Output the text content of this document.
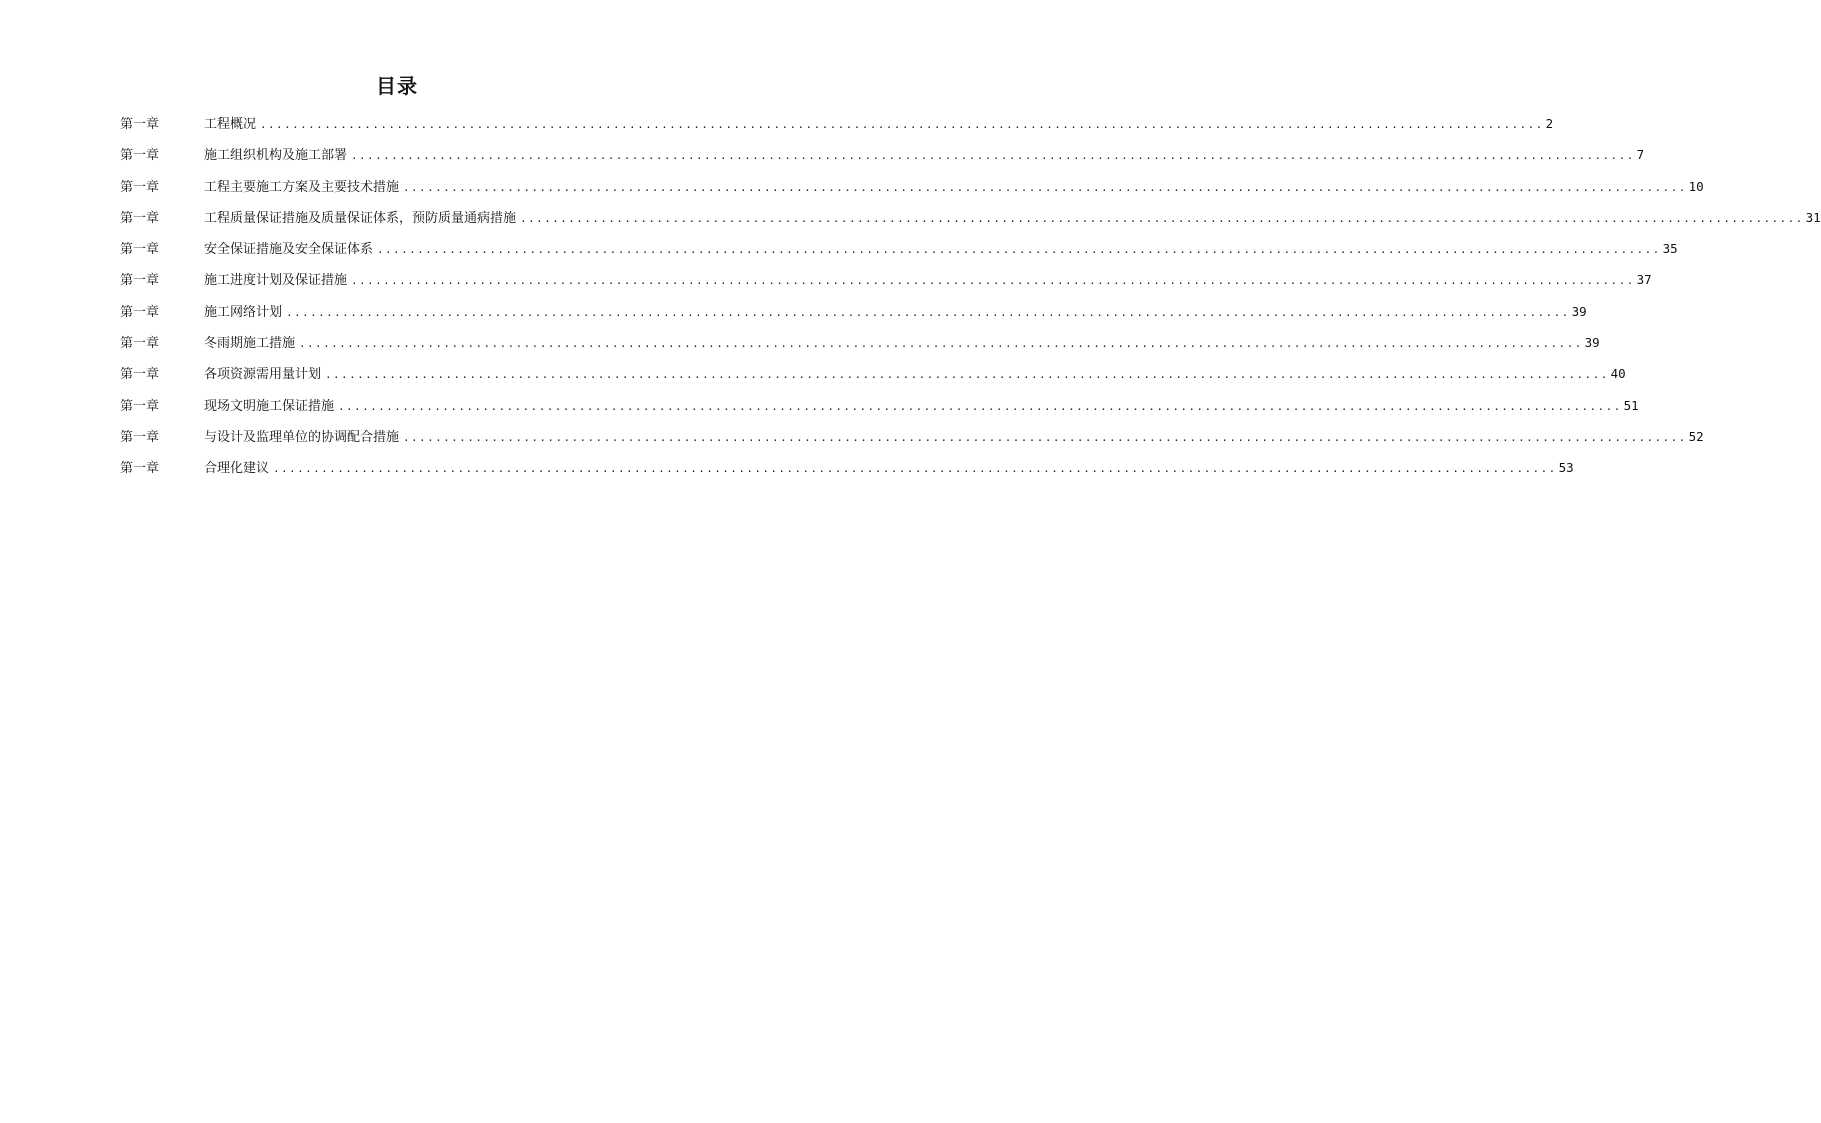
目录
第一章	工程概况 ................................................................................................................................................................ 2
第一章	施工组织机构及施工部署 ................................................................................................................................................................ 7
第一章	工程主要施工方案及主要技术措施 ................................................................................................................................................................ 10
第一章	工程质量保证措施及质量保证体系，预防质量通病措施 ................................................................................................................................................................ 31
第一章	安全保证措施及安全保证体系 ................................................................................................................................................................ 35
第一章	施工进度计划及保证措施 ................................................................................................................................................................ 37
第一章	施工网络计划 ................................................................................................................................................................ 39
第一章	冬雨期施工措施 ................................................................................................................................................................ 39
第一章	各项资源需用量计划 ................................................................................................................................................................ 40
第一章	现场文明施工保证措施 ................................................................................................................................................................ 51
第一章	与设计及监理单位的协调配合措施 ................................................................................................................................................................ 52
第一章	合理化建议 ................................................................................................................................................................ 53
